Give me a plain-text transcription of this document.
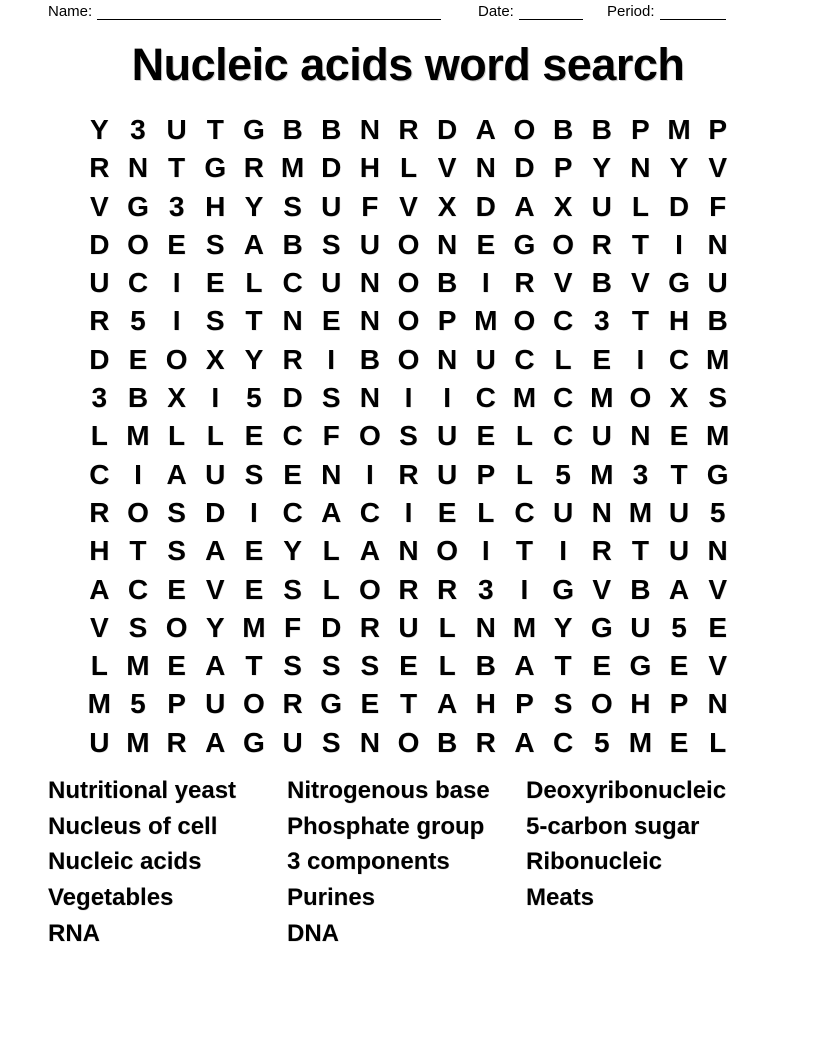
Name:	Date:	Period:
Nucleic acids word search
Y 3 U T G B B N R D A O B B P M P
R N T G R M D H L V N D P Y N Y V
V G 3 H Y S U F V X D A X U L D F
D O E S A B S U O N E G O R T I N
U C I E L C U N O B I R V B V G U
R 5 I S T N E N O P M O C 3 T H B
D E O X Y R I B O N U C L E I C M
3 B X I 5 D S N I	I C M C M O X S
L M L L E C F O S U E L C U N E M
C I A U S E N I R U P L 5 M 3 T G
R O S D I C A C I E L C U N M U 5
H T S A E Y L A N O I T I R T U N
A C E V E S L O R R 3 I G V B A V
V S O Y M F D R U L N M Y G U 5 E
L M E A T S S S E L B A T E G E V
M 5 P U O R G E T A H P S O H P N
U M R A G U S N O B R A C 5 M E L
Nutritional yeast
Nucleus of cell
Nucleic acids
Vegetables
RNA
Nitrogenous base
Phosphate group
3 components
Purines
DNA
Deoxyribonucleic
5-carbon sugar
Ribonucleic
Meats
